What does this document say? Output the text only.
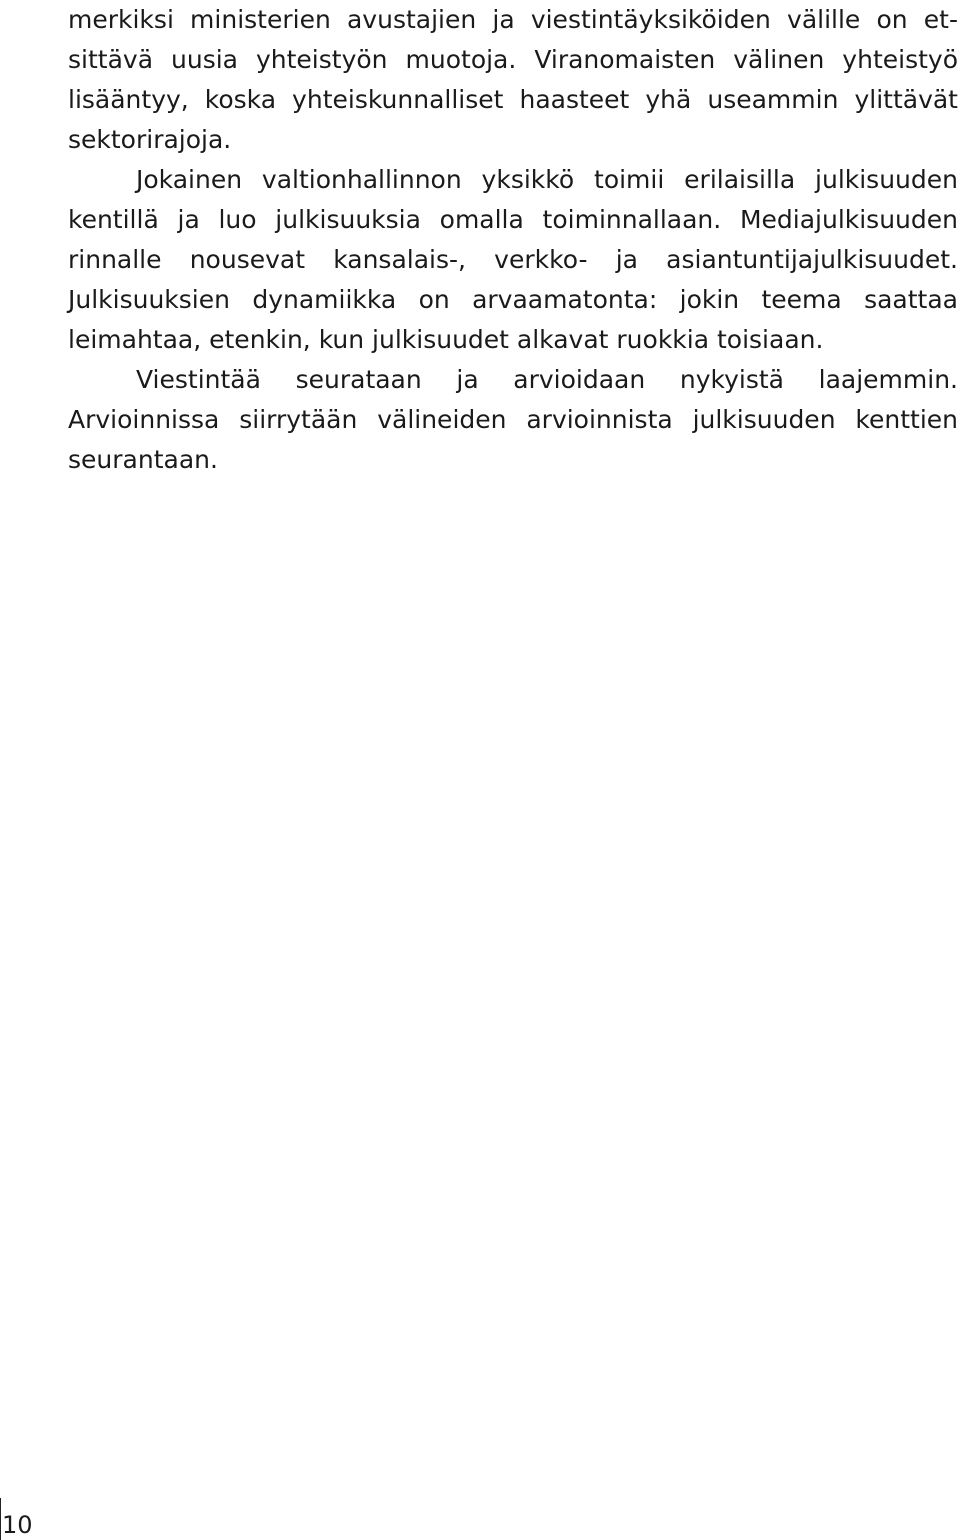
merkiksi ministerien avustajien ja viestintäyksiköiden välille on et-
sittävä uusia yhteistyön muotoja. Viranomaisten välinen yhteistyö
lisääntyy, koska yhteiskunnalliset haasteet yhä useammin ylittävät
sektorirajoja.
Jokainen valtionhallinnon yksikkö toimii erilaisilla julkisuuden
kentillä ja luo julkisuuksia omalla toiminnallaan. Mediajulkisuuden
rinnalle nousevat kansalais-, verkko- ja asiantuntijajulkisuudet.
Julkisuuksien dynamiikka on arvaamatonta: jokin teema saattaa
leimahtaa, etenkin, kun julkisuudet alkavat ruokkia toisiaan.
Viestintää seurataan ja arvioidaan nykyistä laajemmin.
Arvioinnissa siirrytään välineiden arvioinnista julkisuuden kenttien
seurantaan.
10
